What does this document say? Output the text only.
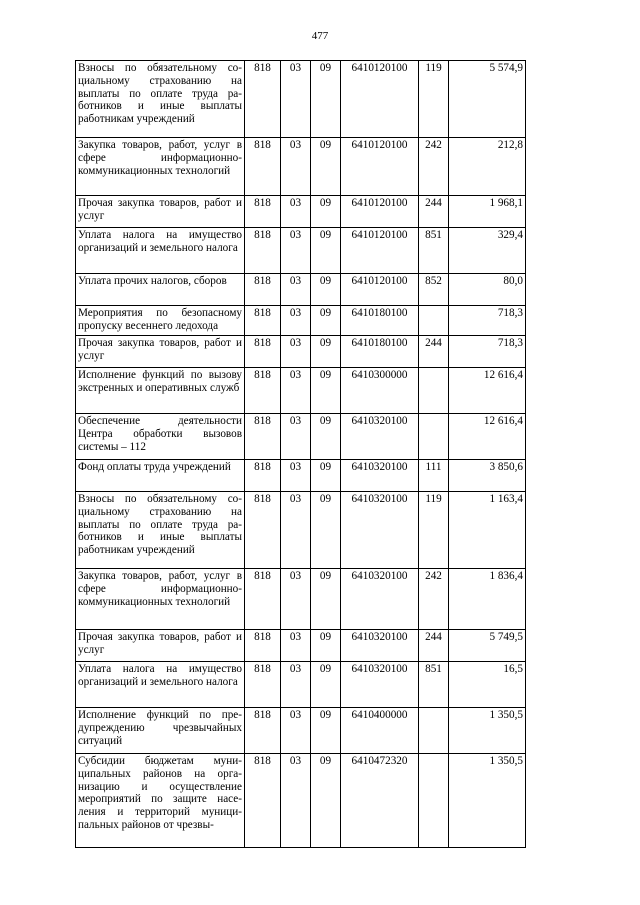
477
Взносы по обязательному социальному страхованию на выплаты по оплате труда работников и иные выплаты работникам учреждений	818	03	09	6410120100	119	5 574,9
Закупка товаров, работ, услуг в сфере информационно-коммуникационных технологий	818	03	09	6410120100	242	212,8
Прочая закупка товаров, работ и услуг	818	03	09	6410120100	244	1 968,1
Уплата налога на имущество организаций и земельного налога	818	03	09	6410120100	851	329,4
Уплата прочих налогов, сборов	818	03	09	6410120100	852	80,0
Мероприятия по безопасному пропуску весеннего ледохода	818	03	09	6410180100		718,3
Прочая закупка товаров, работ и услуг	818	03	09	6410180100	244	718,3
Исполнение функций по вызову экстренных и оперативных служб	818	03	09	6410300000		12 616,4
Обеспечение деятельности Центра обработки вызовов системы – 112	818	03	09	6410320100		12 616,4
Фонд оплаты труда учреждений	818	03	09	6410320100	111	3 850,6
Взносы по обязательному социальному страхованию на выплаты по оплате труда работников и иные выплаты работникам учреждений	818	03	09	6410320100	119	1 163,4
Закупка товаров, работ, услуг в сфере информационно-коммуникационных технологий	818	03	09	6410320100	242	1 836,4
Прочая закупка товаров, работ и услуг	818	03	09	6410320100	244	5 749,5
Уплата налога на имущество организаций и земельного налога	818	03	09	6410320100	851	16,5
Исполнение функций по предупреждению чрезвычайных ситуаций	818	03	09	6410400000		1 350,5
Субсидии бюджетам муниципальных районов на организацию и осуществление мероприятий по защите населения и территорий муниципальных районов от чрезвы-	818	03	09	6410472320		1 350,5
